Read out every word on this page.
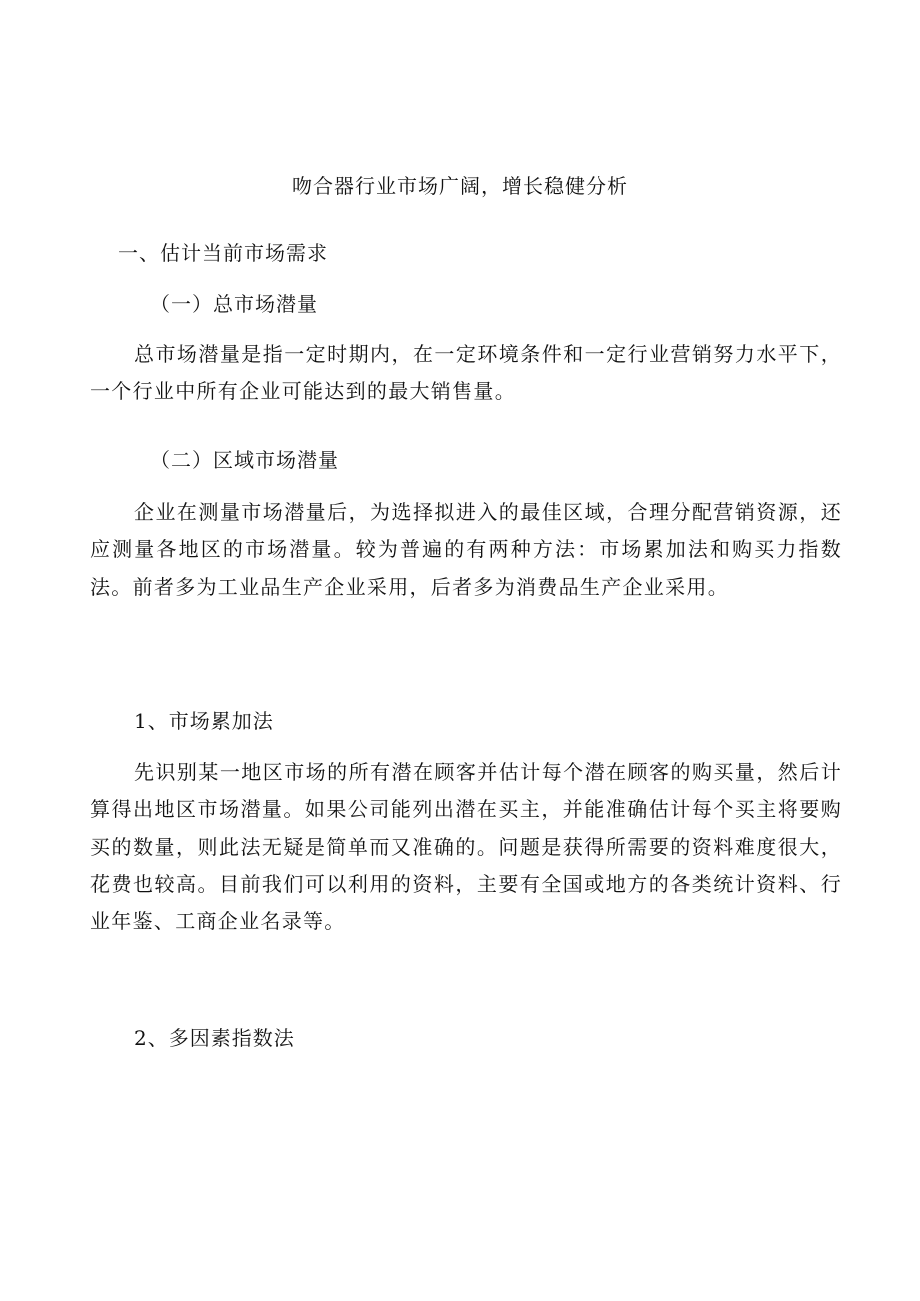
吻合器行业市场广阔，增长稳健分析
一、估计当前市场需求
（一）总市场潜量
总市场潜量是指一定时期内，在一定环境条件和一定行业营销努力水平下，一个行业中所有企业可能达到的最大销售量。
（二）区域市场潜量
企业在测量市场潜量后，为选择拟进入的最佳区域，合理分配营销资源，还应测量各地区的市场潜量。较为普遍的有两种方法：市场累加法和购买力指数法。前者多为工业品生产企业采用，后者多为消费品生产企业采用。
1、市场累加法
先识别某一地区市场的所有潜在顾客并估计每个潜在顾客的购买量，然后计算得出地区市场潜量。如果公司能列出潜在买主，并能准确估计每个买主将要购买的数量，则此法无疑是简单而又准确的。问题是获得所需要的资料难度很大，花费也较高。目前我们可以利用的资料，主要有全国或地方的各类统计资料、行业年鉴、工商企业名录等。
2、多因素指数法
